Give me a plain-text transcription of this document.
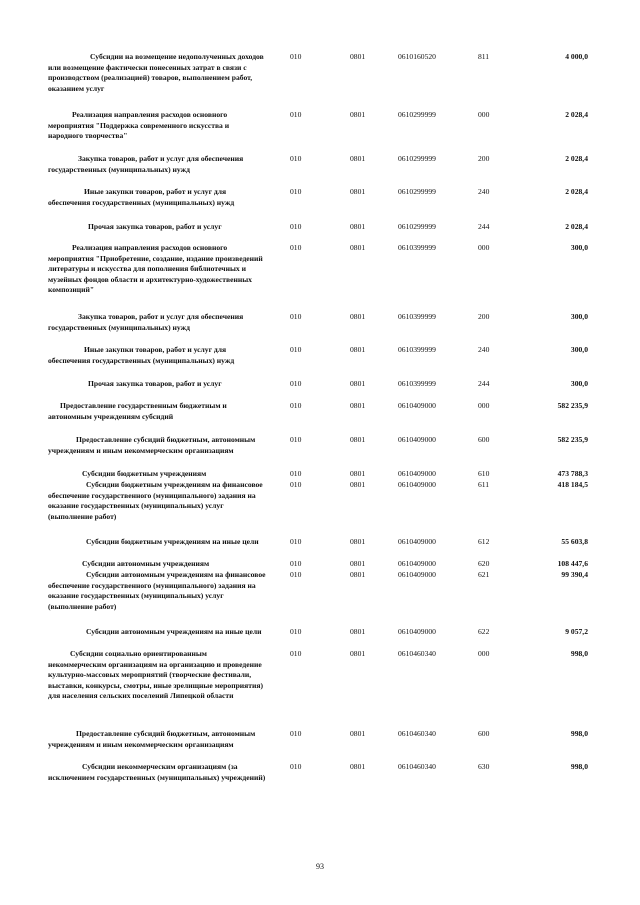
Субсидии на возмещение недополученных доходов или возмещение фактически понесенных затрат в связи с производством (реализацией) товаров, выполнением работ, оказанием услуг
010	0801	0610160520	811	4 000,0
Реализация направления расходов основного мероприятия "Поддержка современного искусства и народного творчества"
010	0801	0610299999	000	2 028,4
Закупка товаров, работ и услуг для обеспечения государственных (муниципальных) нужд
010	0801	0610299999	200	2 028,4
Иные закупки товаров, работ и услуг для обеспечения государственных (муниципальных) нужд
010	0801	0610299999	240	2 028,4
Прочая закупка товаров, работ и услуг	010	0801	0610299999	244	2 028,4
Реализация направления расходов основного мероприятия "Приобретение, создание, издание произведений литературы и искусства для пополнения библиотечных и музейных фондов области и архитектурно-художественных композиций"
010	0801	0610399999	000	300,0
Закупка товаров, работ и услуг для обеспечения государственных (муниципальных) нужд
010	0801	0610399999	200	300,0
Иные закупки товаров, работ и услуг для обеспечения государственных (муниципальных) нужд
010	0801	0610399999	240	300,0
Прочая закупка товаров, работ и услуг	010	0801	0610399999	244	300,0
Предоставление государственным бюджетным и автономным учреждениям субсидий
010	0801	0610409000	000	582 235,9
Предоставление субсидий бюджетным, автономным учреждениям и иным некоммерческим организациям
010	0801	0610409000	600	582 235,9
Субсидии бюджетным учреждениям	010	0801	0610409000	610	473 788,3
Субсидии бюджетным учреждениям на финансовое обеспечение государственного (муниципального) задания на оказание государственных (муниципальных) услуг (выполнение работ)
010	0801	0610409000	611	418 184,5
Субсидии бюджетным учреждениям на иные цели	010	0801	0610409000	612	55 603,8
Субсидии автономным учреждениям	010	0801	0610409000	620	108 447,6
Субсидии автономным учреждениям на финансовое обеспечение государственного (муниципального) задания на оказание государственных (муниципальных) услуг (выполнение работ)
010	0801	0610409000	621	99 390,4
Субсидии автономным учреждениям на иные цели	010	0801	0610409000	622	9 057,2
Субсидии социально ориентированным некоммерческим организациям на организацию и проведение культурно-массовых мероприятий (творческие фестивали, выставки, конкурсы, смотры, иные зрелищные мероприятия) для населения сельских поселений Липецкой области
010	0801	0610460340	000	998,0
Предоставление субсидий бюджетным, автономным учреждениям и иным некоммерческим организациям
010	0801	0610460340	600	998,0
Субсидии некоммерческим организациям (за исключением государственных (муниципальных) учреждений)
010	0801	0610460340	630	998,0
93
